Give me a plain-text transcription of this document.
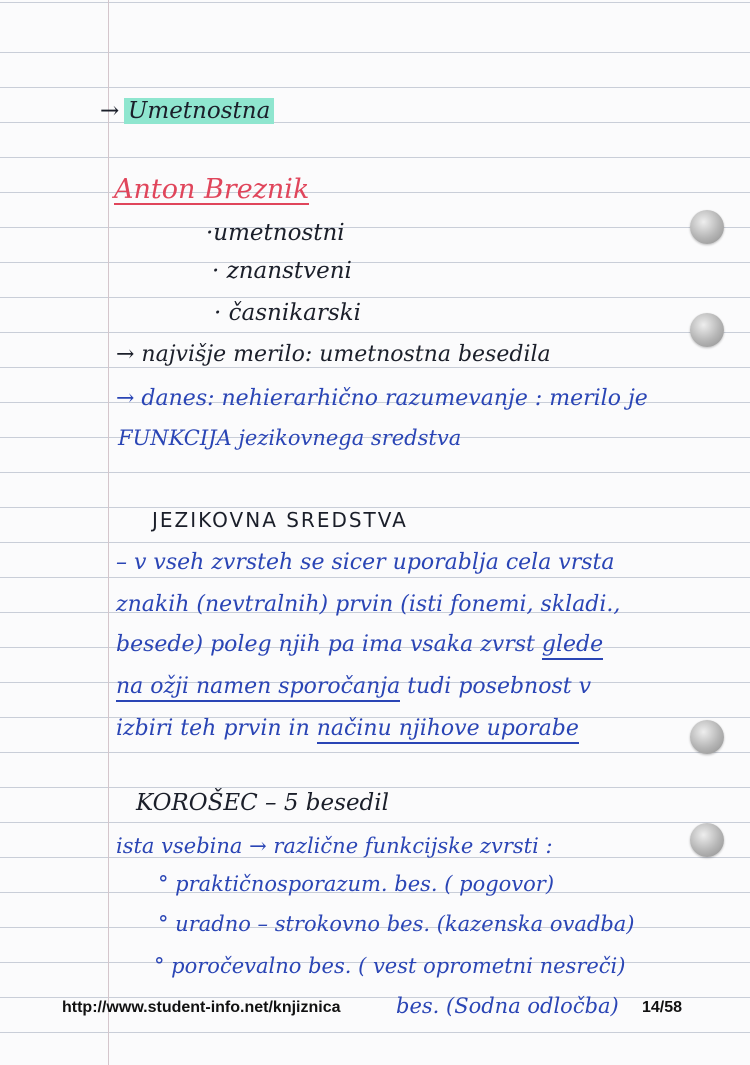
→ Umetnostna
Anton Breznik
·umetnostni
· znanstveni
· časnikarski
→ najvišje merilo: umetnostna besedila
→ danes: nehierarhično razumevanje : merilo je
FUNKCIJA jezikovnega sredstva
JEZIKOVNA SREDSTVA
– v vseh zvrsteh se sicer uporablja cela vrsta
znakih (nevtralnih) prvin (isti fonemi, skladi.,
besede) poleg njih pa ima vsaka zvrst glede
na ožji namen sporočanja tudi posebnost v
izbiri teh prvin in načinu njihove uporabe
KOROŠEC – 5 besedil
ista vsebina → različne funkcijske zvrsti :
° praktičnosporazum. bes. ( pogovor)
° uradno – strokovno bes. (kazenska ovadba)
° poročevalno bes. ( vest oprometni nesreči)
bes. (Sodna odločba)
http://www.student-info.net/knjiznica	14/58
